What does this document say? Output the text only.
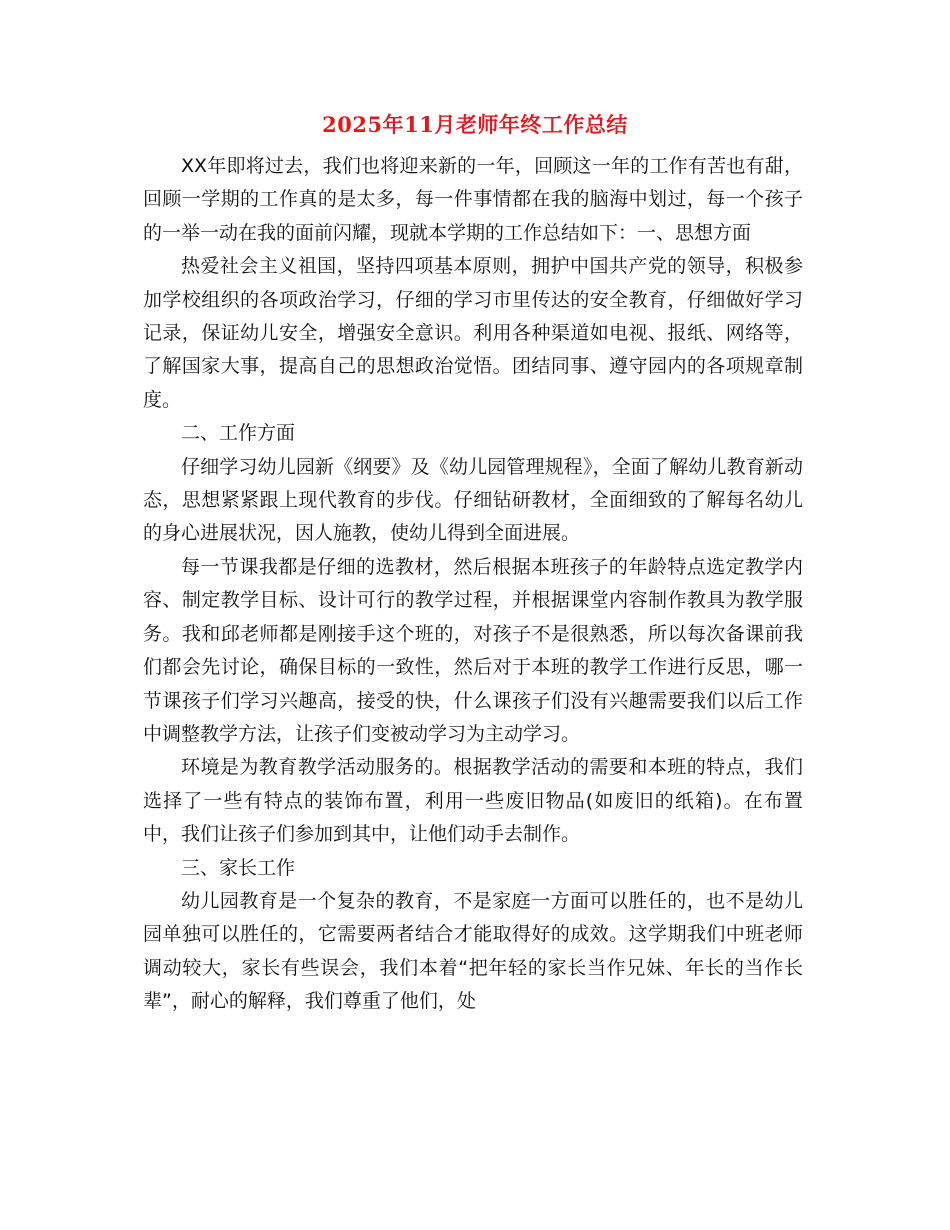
2025年11月老师年终工作总结

XX年即将过去，我们也将迎来新的一年，回顾这一年的工作有苦也有甜，回顾一学期的工作真的是太多，每一件事情都在我的脑海中划过，每一个孩子的一举一动在我的面前闪耀，现就本学期的工作总结如下：一、思想方面

热爱社会主义祖国，坚持四项基本原则，拥护中国共产党的领导，积极参加学校组织的各项政治学习，仔细的学习市里传达的安全教育，仔细做好学习记录，保证幼儿安全，增强安全意识。利用各种渠道如电视、报纸、网络等，了解国家大事，提高自己的思想政治觉悟。团结同事、遵守园内的各项规章制度。

二、工作方面

仔细学习幼儿园新《纲要》及《幼儿园管理规程》，全面了解幼儿教育新动态，思想紧紧跟上现代教育的步伐。仔细钻研教材，全面细致的了解每名幼儿的身心进展状况，因人施教，使幼儿得到全面进展。

每一节课我都是仔细的选教材，然后根据本班孩子的年龄特点选定教学内容、制定教学目标、设计可行的教学过程，并根据课堂内容制作教具为教学服务。我和邱老师都是刚接手这个班的，对孩子不是很熟悉，所以每次备课前我们都会先讨论，确保目标的一致性，然后对于本班的教学工作进行反思，哪一节课孩子们学习兴趣高，接受的快，什么课孩子们没有兴趣需要我们以后工作中调整教学方法，让孩子们变被动学习为主动学习。

环境是为教育教学活动服务的。根据教学活动的需要和本班的特点，我们选择了一些有特点的装饰布置，利用一些废旧物品(如废旧的纸箱)。在布置中，我们让孩子们参加到其中，让他们动手去制作。

三、家长工作

幼儿园教育是一个复杂的教育，不是家庭一方面可以胜任的，也不是幼儿园单独可以胜任的，它需要两者结合才能取得好的成效。这学期我们中班老师调动较大，家长有些误会，我们本着“把年轻的家长当作兄妹、年长的当作长辈”，耐心的解释，我们尊重了他们，处
